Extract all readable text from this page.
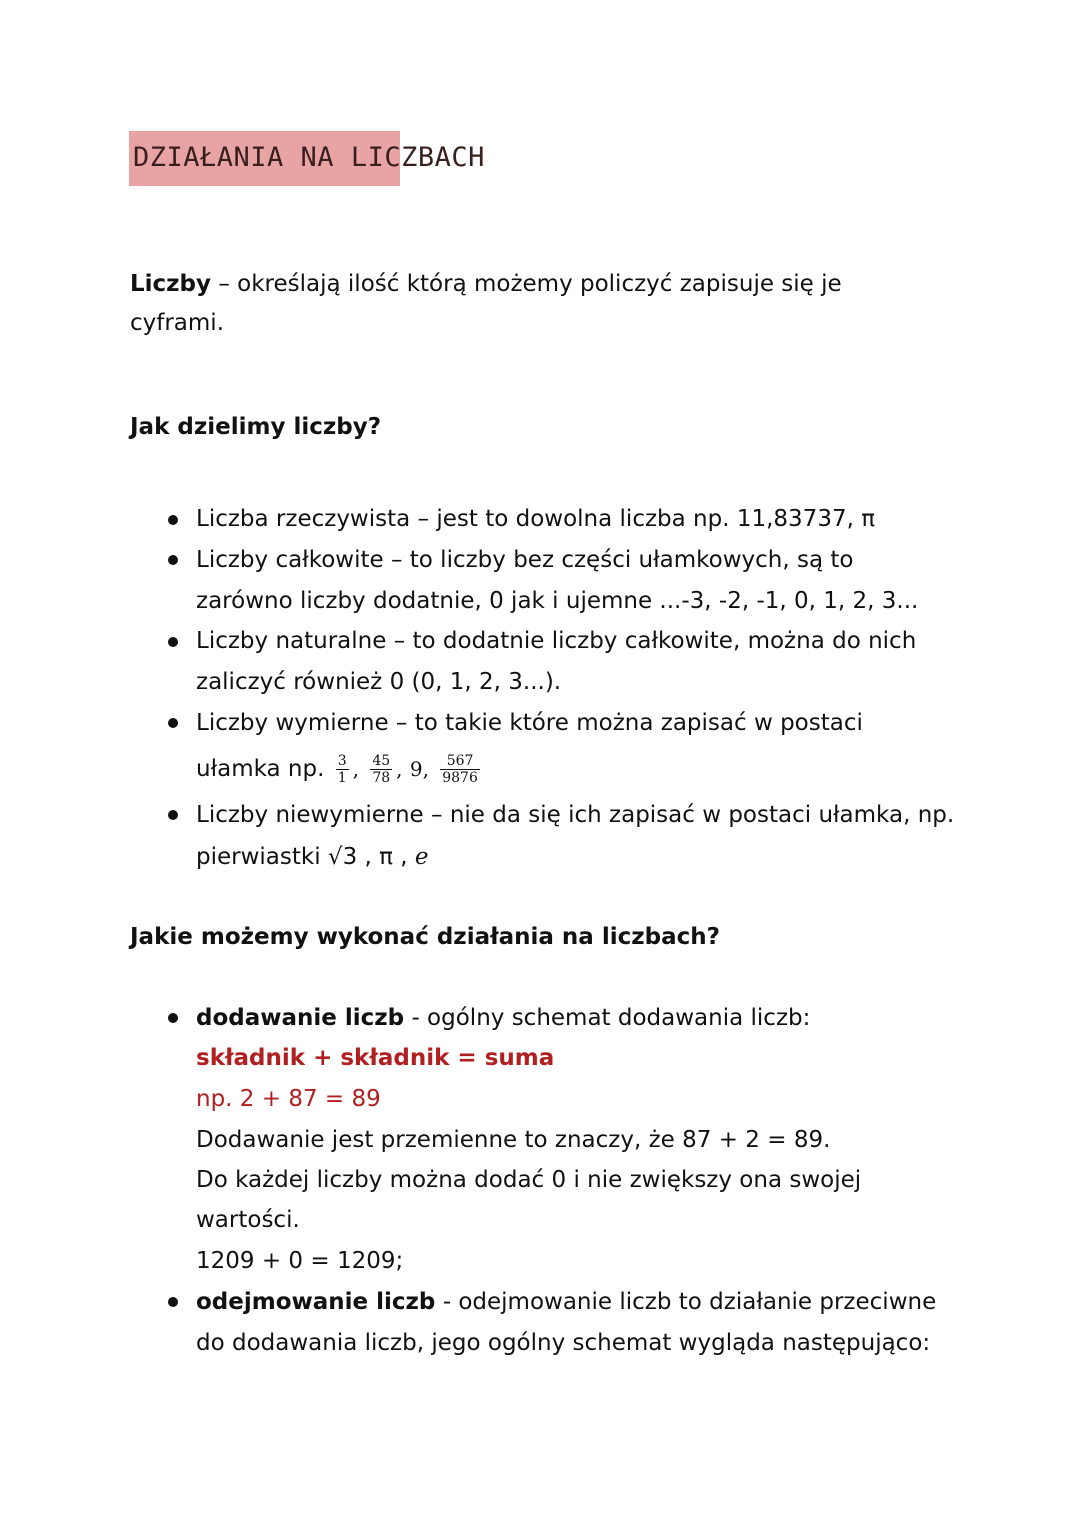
DZIAŁANIA NA LICZBACH
Liczby – określają ilość którą możemy policzyć zapisuje się je
cyframi.
Jak dzielimy liczby?
Liczba rzeczywista – jest to dowolna liczba np. 11,83737, π
Liczby całkowite – to liczby bez części ułamkowych, są to
zarówno liczby dodatnie, 0 jak i ujemne ...-3, -2, -1, 0, 1, 2, 3...
Liczby naturalne – to dodatnie liczby całkowite, można do nich
zaliczyć również 0 (0, 1, 2, 3...).
Liczby wymierne – to takie które można zapisać w postaci
ułamka np. $\frac{3}{1}$ , $\frac{45}{78}$ , 9, $\frac{567}{9876}$
Liczby niewymierne – nie da się ich zapisać w postaci ułamka, np.
pierwiastki √3 , π , e
Jakie możemy wykonać działania na liczbach?
dodawanie liczb - ogólny schemat dodawania liczb:
składnik + składnik = suma
np. 2 + 87 = 89
Dodawanie jest przemienne to znaczy, że 87 + 2 = 89.
Do każdej liczby można dodać 0 i nie zwiększy ona swojej
wartości.
1209 + 0 = 1209;
odejmowanie liczb - odejmowanie liczb to działanie przeciwne
do dodawania liczb, jego ogólny schemat wygląda następująco:
